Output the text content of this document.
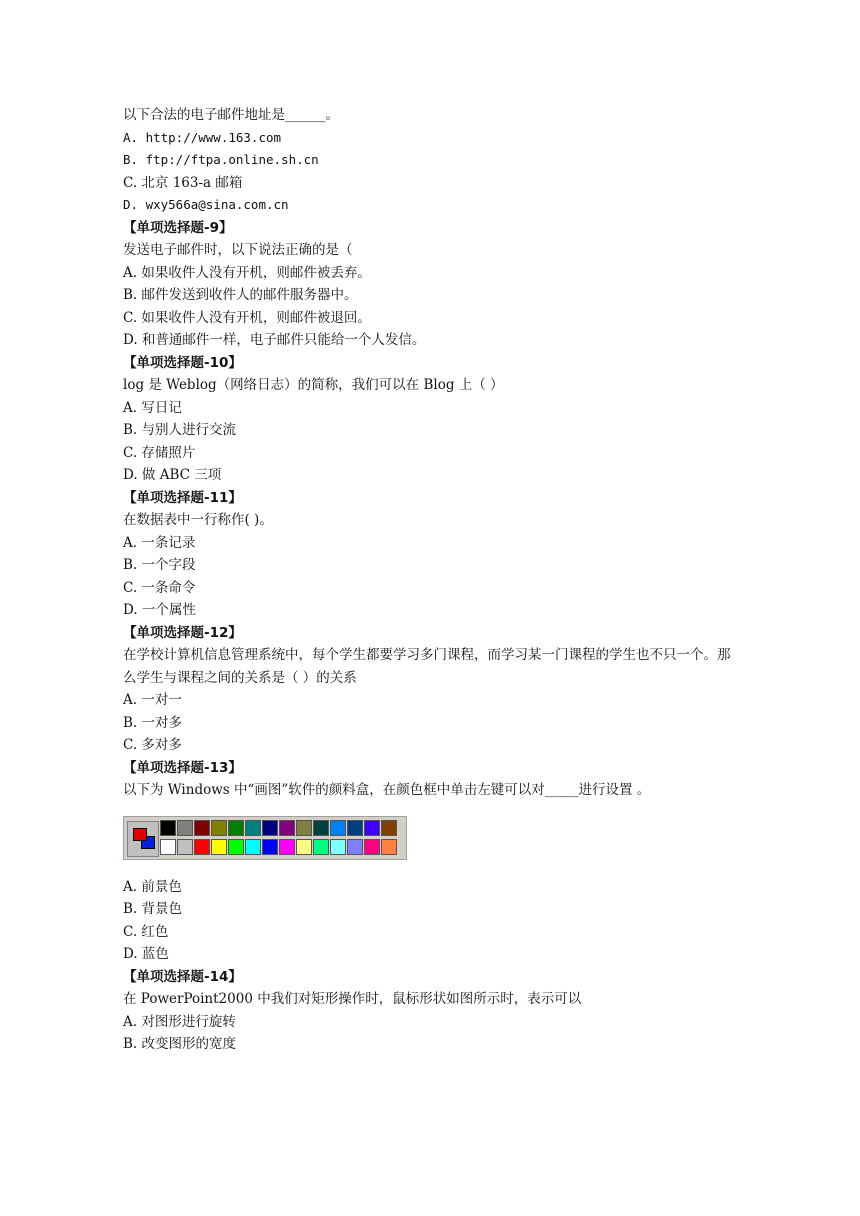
以下合法的电子邮件地址是______。
A. http://www.163.com
B. ftp://ftpa.online.sh.cn
C. 北京 163-a 邮箱
D. wxy566a@sina.com.cn
【单项选择题-9】
发送电子邮件时，以下说法正确的是（
A. 如果收件人没有开机，则邮件被丢弃。
B. 邮件发送到收件人的邮件服务器中。
C. 如果收件人没有开机，则邮件被退回。
D. 和普通邮件一样，电子邮件只能给一个人发信。
【单项选择题-10】
log 是 Weblog（网络日志）的简称，我们可以在 Blog 上（ ）
A. 写日记
B. 与别人进行交流
C. 存储照片
D. 做 ABC 三项
【单项选择题-11】
在数据表中一行称作( )。
A. 一条记录
B. 一个字段
C. 一条命令
D. 一个属性
【单项选择题-12】
在学校计算机信息管理系统中，每个学生都要学习多门课程，而学习某一门课程的学生也不只一个。那么学生与课程之间的关系是（ ）的关系
A. 一对一
B. 一对多
C. 多对多
【单项选择题-13】
以下为 Windows 中“画图”软件的颜料盒，在颜色框中单击左键可以对_____进行设置 。
A. 前景色
B. 背景色
C. 红色
D. 蓝色
【单项选择题-14】
在 PowerPoint2000 中我们对矩形操作时，鼠标形状如图所示时，表示可以
A. 对图形进行旋转
B. 改变图形的宽度
